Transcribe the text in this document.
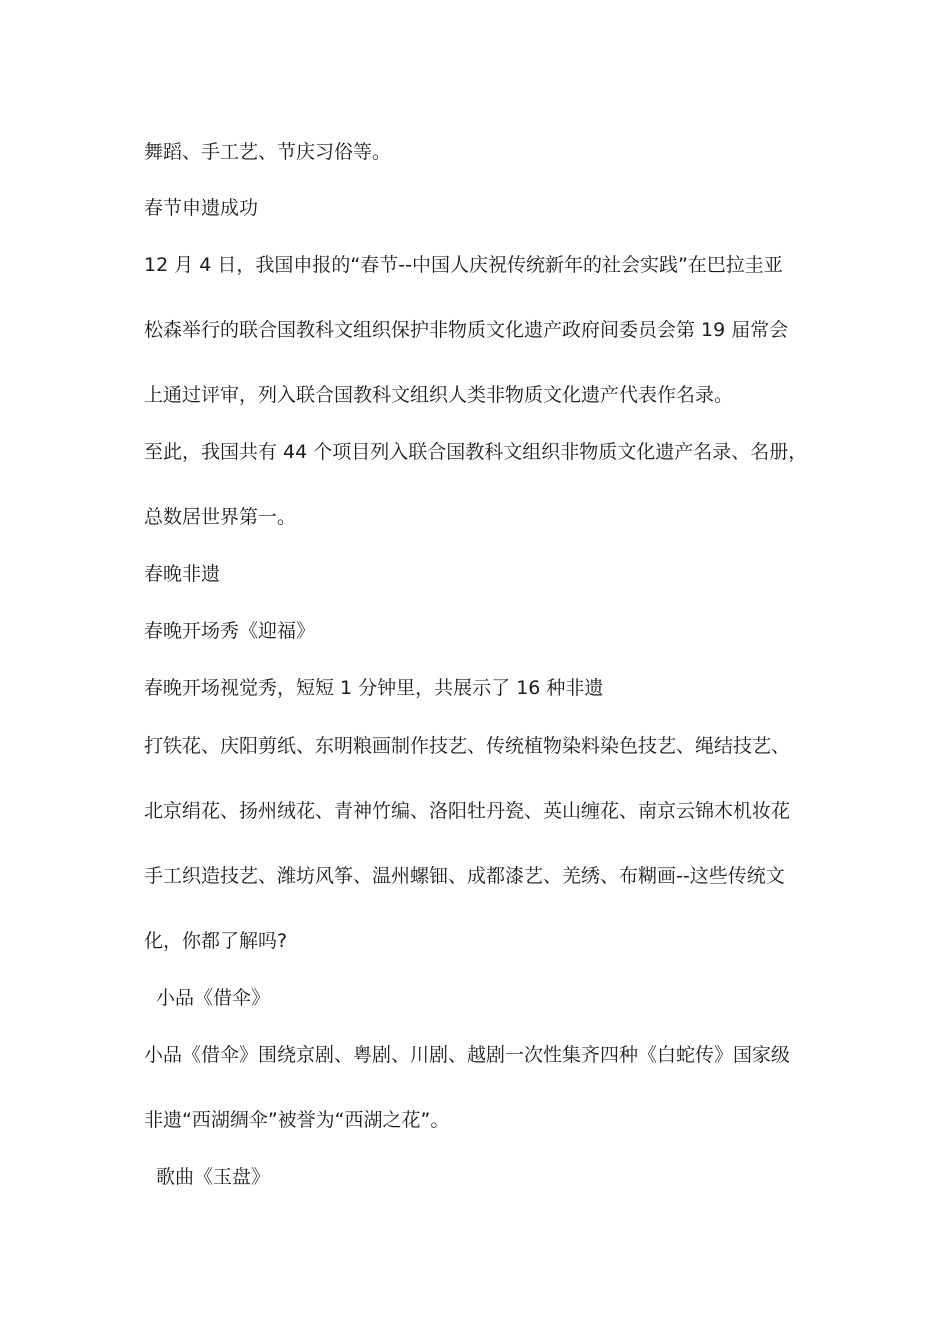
舞蹈、手工艺、节庆习俗等。

春节申遗成功

12 月 4 日，我国申报的“春节--中国人庆祝传统新年的社会实践”在巴拉圭亚

松森举行的联合国教科文组织保护非物质文化遗产政府间委员会第 19 届常会

上通过评审，列入联合国教科文组织人类非物质文化遗产代表作名录。

至此，我国共有 44 个项目列入联合国教科文组织非物质文化遗产名录、名册，

总数居世界第一。

春晚非遗

春晚开场秀《迎福》

春晚开场视觉秀，短短 1 分钟里，共展示了 16 种非遗

打铁花、庆阳剪纸、东明粮画制作技艺、传统植物染料染色技艺、绳结技艺、

北京绢花、扬州绒花、青神竹编、洛阳牡丹瓷、英山缠花、南京云锦木机妆花

手工织造技艺、潍坊风筝、温州螺钿、成都漆艺、羌绣、布糊画--这些传统文

化，你都了解吗?

小品《借伞》

小品《借伞》围绕京剧、粤剧、川剧、越剧一次性集齐四种《白蛇传》国家级

非遗“西湖绸伞”被誉为“西湖之花”。

歌曲《玉盘》
